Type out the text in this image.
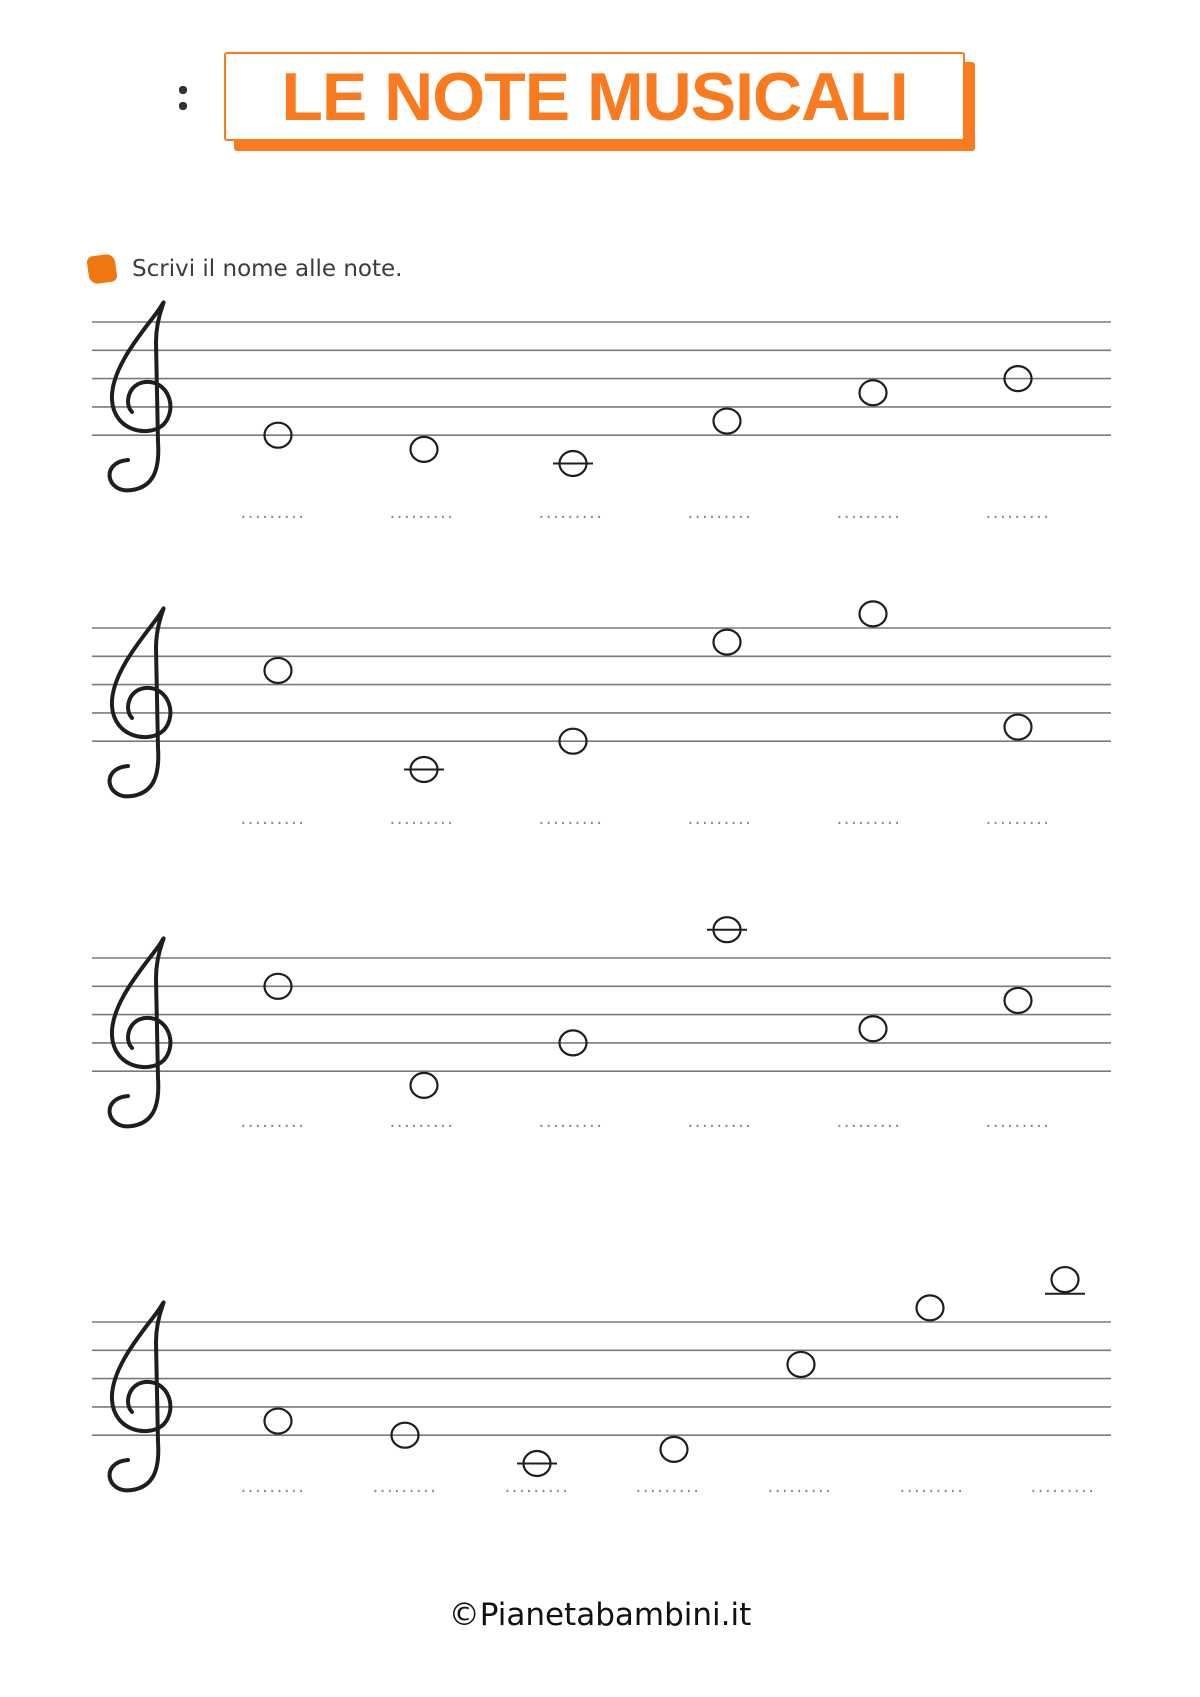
LE NOTE MUSICALI
Scrivi il nome alle note.
.........	.........	.........	.........	.........	.........
.........	.........	.........	.........	.........	.........
.........	.........	.........	.........	.........	.........
.........	.........	.........	.........	.........	.........	.........
©Pianetabambini.it
